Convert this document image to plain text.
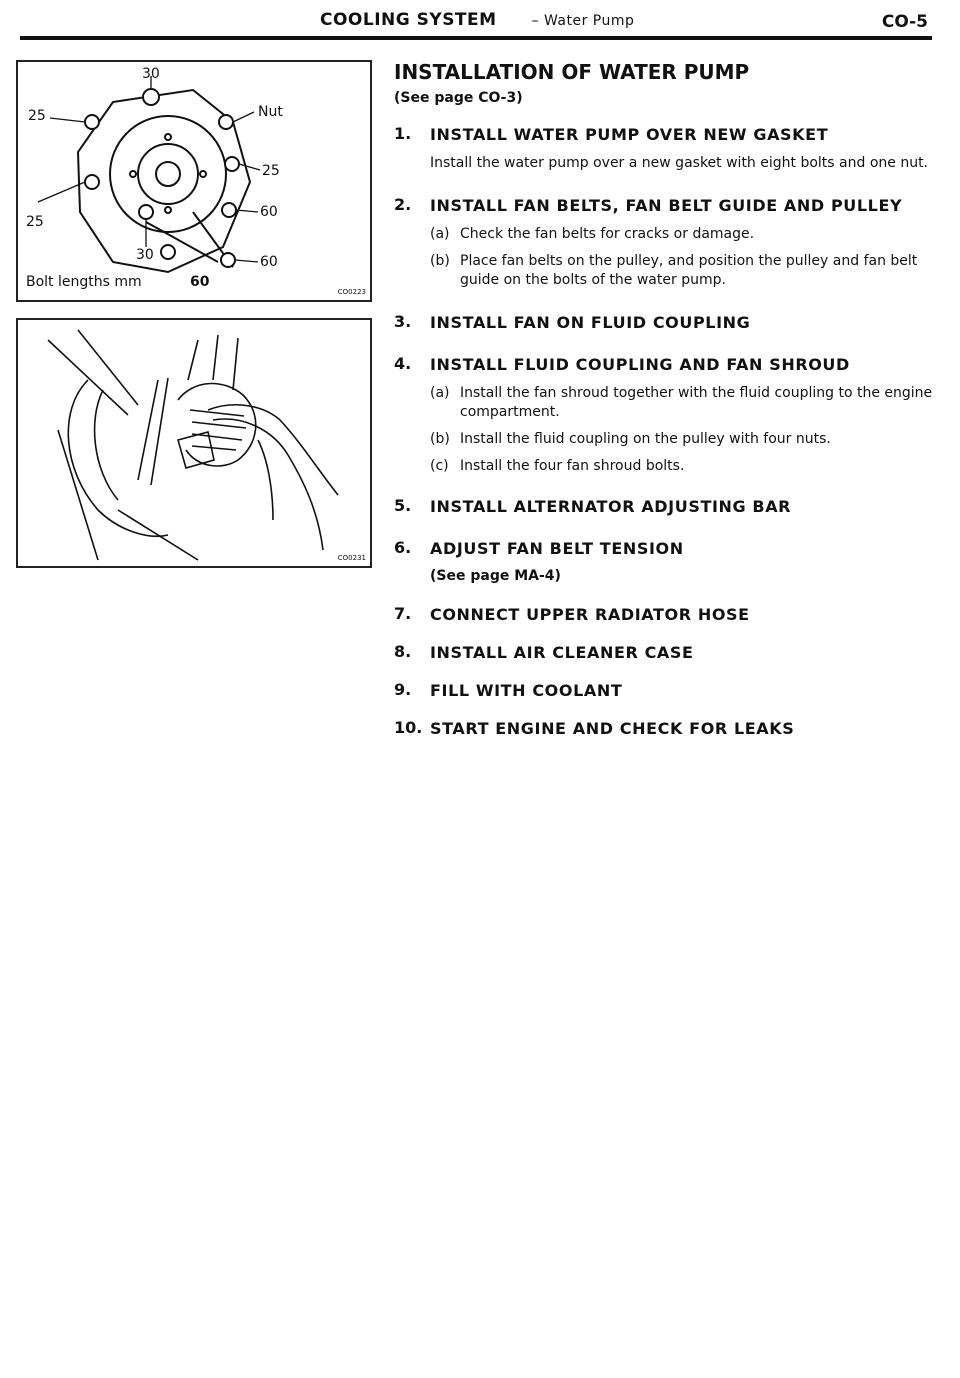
COOLING SYSTEM – Water Pump	CO-5
30
Nut
25
25
60
25
30	60
Bolt lengths mm	60
CO0223
CO0231
INSTALLATION OF WATER PUMP
(See page CO-3)
1. INSTALL WATER PUMP OVER NEW GASKET
Install the water pump over a new gasket with eight bolts and one nut.
2. INSTALL FAN BELTS, FAN BELT GUIDE AND PULLEY
(a) Check the fan belts for cracks or damage.
(b) Place fan belts on the pulley, and position the pulley and fan belt guide on the bolts of the water pump.
3. INSTALL FAN ON FLUID COUPLING
4. INSTALL FLUID COUPLING AND FAN SHROUD
(a) Install the fan shroud together with the fluid coupling to the engine compartment.
(b) Install the fluid coupling on the pulley with four nuts.
(c) Install the four fan shroud bolts.
5. INSTALL ALTERNATOR ADJUSTING BAR
6. ADJUST FAN BELT TENSION
(See page MA-4)
7. CONNECT UPPER RADIATOR HOSE
8. INSTALL AIR CLEANER CASE
9. FILL WITH COOLANT
10. START ENGINE AND CHECK FOR LEAKS
